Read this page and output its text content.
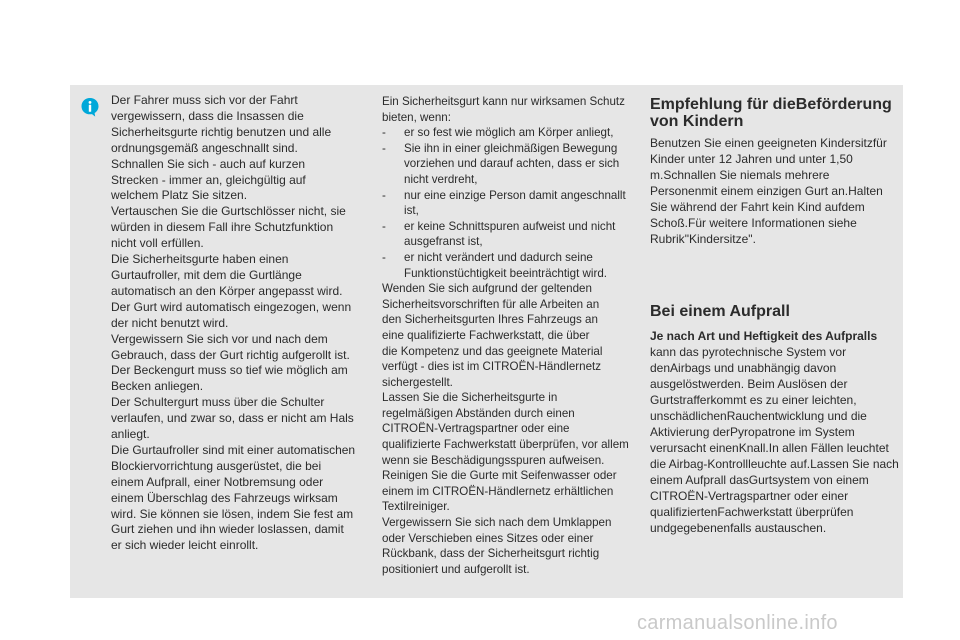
Der Fahrer muss sich vor der Fahrt
vergewissern, dass die Insassen die
Sicherheitsgurte richtig benutzen und alle
ordnungsgemäß angeschnallt sind.
Schnallen Sie sich - auch auf kurzen
Strecken - immer an, gleichgültig auf
welchem Platz Sie sitzen.
Vertauschen Sie die Gurtschlösser nicht, sie
würden in diesem Fall ihre Schutzfunktion
nicht voll erfüllen.
Die Sicherheitsgurte haben einen
Gurtaufroller, mit dem die Gurtlänge
automatisch an den Körper angepasst wird.
Der Gurt wird automatisch eingezogen, wenn
der nicht benutzt wird.
Vergewissern Sie sich vor und nach dem
Gebrauch, dass der Gurt richtig aufgerollt ist.
Der Beckengurt muss so tief wie möglich am
Becken anliegen.
Der Schultergurt muss über die Schulter
verlaufen, und zwar so, dass er nicht am Hals
anliegt.
Die Gurtaufroller sind mit einer automatischen
Blockiervorrichtung ausgerüstet, die bei
einem Aufprall, einer Notbremsung oder
einem Überschlag des Fahrzeugs wirksam
wird. Sie können sie lösen, indem Sie fest am
Gurt ziehen und ihn wieder loslassen, damit
er sich wieder leicht einrollt.

Ein Sicherheitsgurt kann nur wirksamen Schutz
bieten, wenn:

- er so fest wie möglich am Körper anliegt,
- Sie ihn in einer gleichmäßigen Bewegung
vorziehen und darauf achten, dass er sich
nicht verdreht,
- nur eine einzige Person damit angeschnallt
ist,
- er keine Schnittspuren aufweist und nicht
ausgefranst ist,
- er nicht verändert und dadurch seine
Funktionstüchtigkeit beeinträchtigt wird.

Wenden Sie sich aufgrund der geltenden
Sicherheitsvorschriften für alle Arbeiten an
den Sicherheitsgurten Ihres Fahrzeugs an
eine qualifizierte Fachwerkstatt, die über
die Kompetenz und das geeignete Material
verfügt - dies ist im CITROËN-Händlernetz
sichergestellt.
Lassen Sie die Sicherheitsgurte in
regelmäßigen Abständen durch einen
CITROËN-Vertragspartner oder eine
qualifizierte Fachwerkstatt überprüfen, vor allem
wenn sie Beschädigungsspuren aufweisen.
Reinigen Sie die Gurte mit Seifenwasser oder
einem im CITROËN-Händlernetz erhältlichen
Textilreiniger.
Vergewissern Sie sich nach dem Umklappen
oder Verschieben eines Sitzes oder einer
Rückbank, dass der Sicherheitsgurt richtig
positioniert und aufgerollt ist.

Empfehlung für dieBeförderung von Kindern
Benutzen Sie einen geeigneten Kindersitzfür Kinder unter 12 Jahren und unter 1,50 m.Schnallen Sie niemals mehrere Personenmit einem einzigen Gurt an.Halten Sie während der Fahrt kein Kind aufdem Schoß.Für weitere Informationen siehe Rubrik"Kindersitze".
Bei einem Aufprall
Je nach Art und Heftigkeit des Aufpralls
kann das pyrotechnische System vor denAirbags und unabhängig davon ausgelöstwerden. Beim Auslösen der Gurtstrafferkommt es zu einer leichten, unschädlichenRauchentwicklung und die Aktivierung derPyropatrone im System verursacht einenKnall.In allen Fällen leuchtet die Airbag-Kontrollleuchte auf.Lassen Sie nach einem Aufprall dasGurtsystem von einem CITROËN-Vertragspartner oder einer qualifiziertenFachwerkstatt überprüfen undgegebenenfalls austauschen.
carmanualsonline.info
